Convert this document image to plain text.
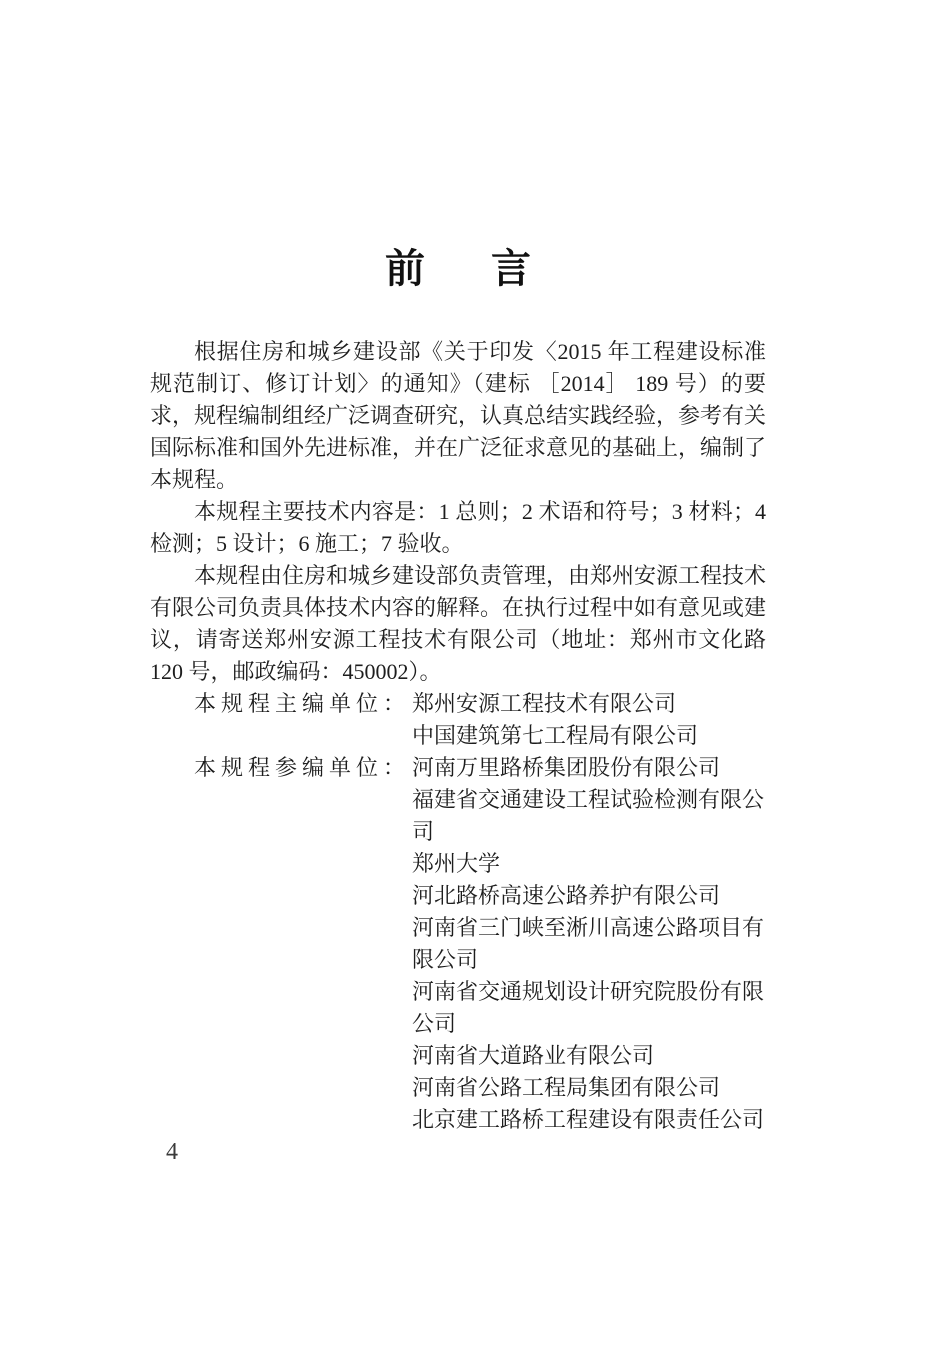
前 言

根据住房和城乡建设部《关于印发〈2015 年工程建设标准规范制订、修订计划〉的通知》（建标 ［2014］ 189 号）的要求，规程编制组经广泛调查研究，认真总结实践经验，参考有关国际标准和国外先进标准，并在广泛征求意见的基础上，编制了本规程。

本规程主要技术内容是：1 总则；2 术语和符号；3 材料；4 检测；5 设计；6 施工；7 验收。

本规程由住房和城乡建设部负责管理，由郑州安源工程技术有限公司负责具体技术内容的解释。在执行过程中如有意见或建议，请寄送郑州安源工程技术有限公司（地址：郑州市文化路 120 号，邮政编码：450002）。

本规程主编单位： 郑州安源工程技术有限公司
中国建筑第七工程局有限公司
本规程参编单位： 河南万里路桥集团股份有限公司
福建省交通建设工程试验检测有限公司
郑州大学
河北路桥高速公路养护有限公司
河南省三门峡至淅川高速公路项目有限公司
河南省交通规划设计研究院股份有限公司
河南省大道路业有限公司
河南省公路工程局集团有限公司
北京建工路桥工程建设有限责任公司
4
